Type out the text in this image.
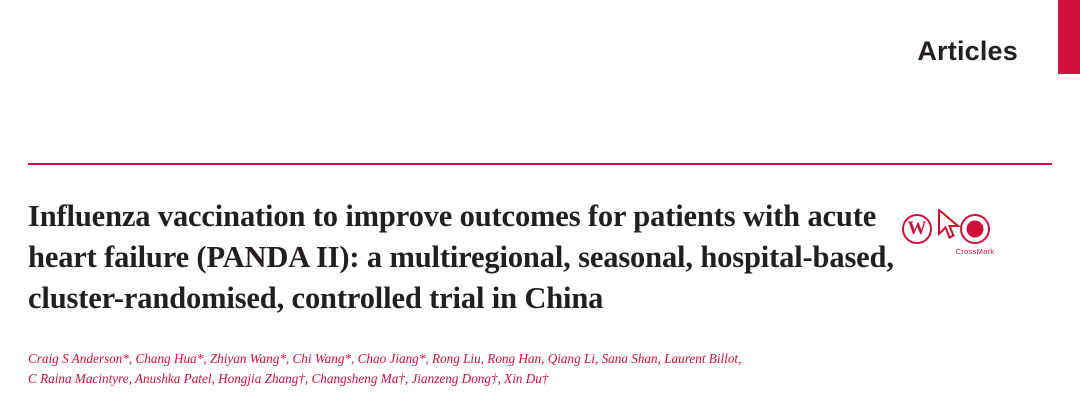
Articles
Influenza vaccination to improve outcomes for patients with acute heart failure (PANDA II): a multiregional, seasonal, hospital-based, cluster-randomised, controlled trial in China
W
CrossMark
Craig S Anderson*, Chang Hua*, Zhiyan Wang*, Chi Wang*, Chao Jiang*, Rong Liu, Rong Han, Qiang Li, Sana Shan, Laurent Billot,
C Raina Macintyre, Anushka Patel, Hongjia Zhang†, Changsheng Ma†, Jianzeng Dong†, Xin Du†
